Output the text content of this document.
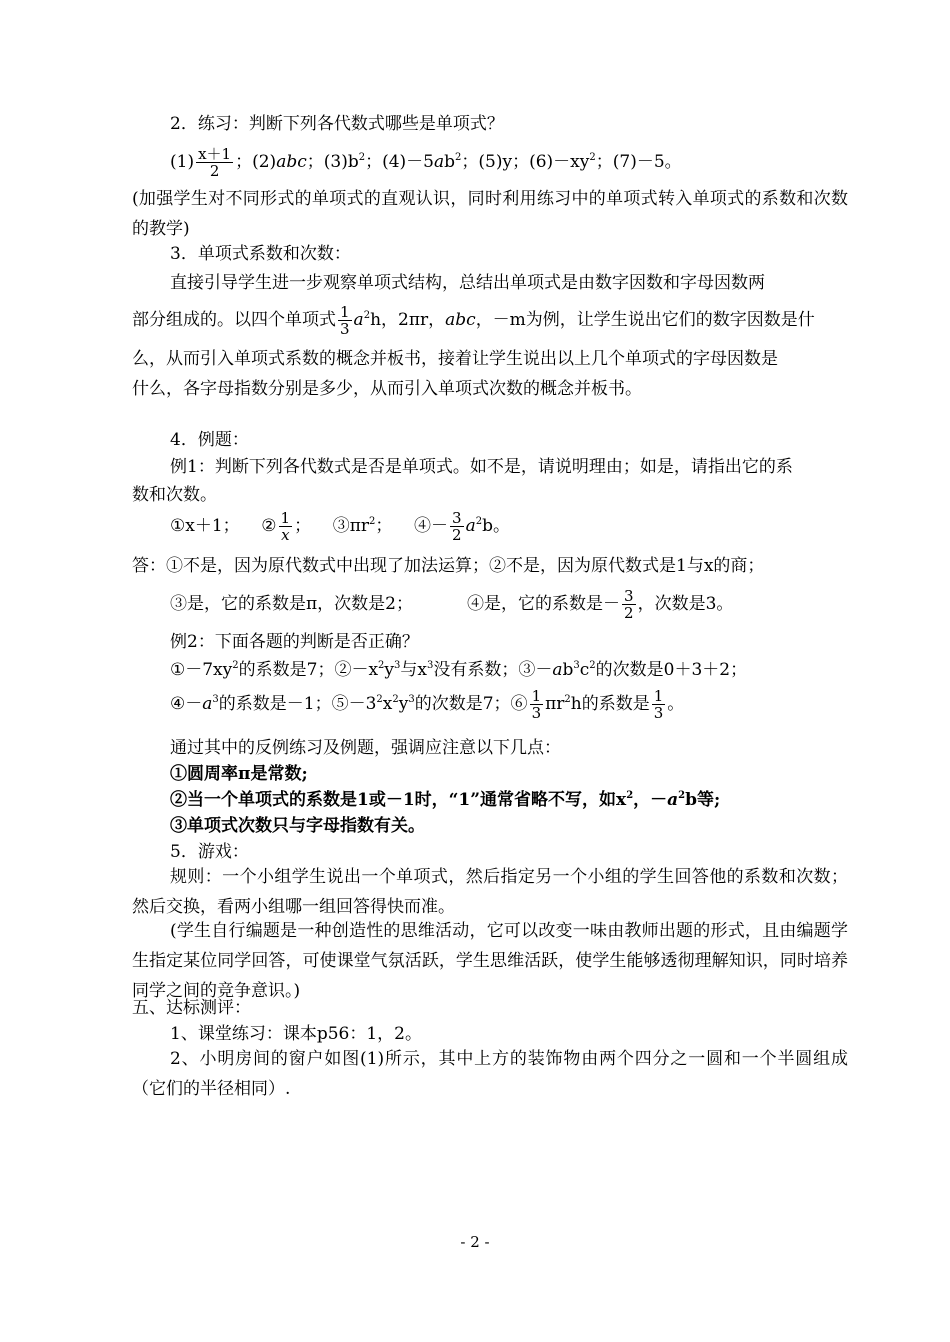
2．练习：判断下列各代数式哪些是单项式？
$(1) \frac{x+1}{2}$ ；(2)abc；$(3)b^2$；$(4)-5ab^2$；(5)y；$(6)-xy^2$；(7)－5。
(加强学生对不同形式的单项式的直观认识，同时利用练习中的单项式转入单项式的系数和次数的教学)
3．单项式系数和次数：
直接引导学生进一步观察单项式结构，总结出单项式是由数字因数和字母因数两
部分组成的。以四个单项式 $\frac{1}{3} a^2h$，2πr，abc，－m为例，让学生说出它们的数字因数是什
么，从而引入单项式系数的概念并板书，接着让学生说出以上几个单项式的字母因数是
什么，各字母指数分别是多少，从而引入单项式次数的概念并板书。
4．例题：
例1：判断下列各代数式是否是单项式。如不是，请说明理由；如是，请指出它的系
数和次数。
①x＋1； ② $\frac{1}{x}$ ； $③\pi r^2$； ④－ $\frac{3}{2} a^2b$。
答：①不是，因为原代数式中出现了加法运算；②不是，因为原代数式是1与x的商；
③是，它的系数是π，次数是2；	④是，它的系数是－ $\frac{3}{2}$ ，次数是3。
例2：下面各题的判断是否正确？
$①-7xy^2$的系数是7；$②-x^2y^3$与$x^3$没有系数；$③-ab^3c^2$的次数是0＋3＋2；
$④-a^3$的系数是－1；$⑤-3^2x^2y^3$的次数是7；⑥ $\frac{1}{3} \pi r^2h$的系数是 $\frac{1}{3}$ 。
通过其中的反例练习及例题，强调应注意以下几点：
①圆周率π是常数;
②当一个单项式的系数是1或－1时，“1”通常省略不写，如$x^2$，$-a^2b$等;
③单项式次数只与字母指数有关。
5．游戏：
规则：一个小组学生说出一个单项式，然后指定另一个小组的学生回答他的系数和次数；然后交换，看两小组哪一组回答得快而准。
(学生自行编题是一种创造性的思维活动，它可以改变一味由教师出题的形式，且由编题学生指定某位同学回答，可使课堂气氛活跃，学生思维活跃，使学生能够透彻理解知识，同时培养同学之间的竞争意识。)
五、达标测评：
1、课堂练习：课本p56：1，2。
2、小明房间的窗户如图(1)所示，其中上方的装饰物由两个四分之一圆和一个半圆组成（它们的半径相同）.
- 2 -
